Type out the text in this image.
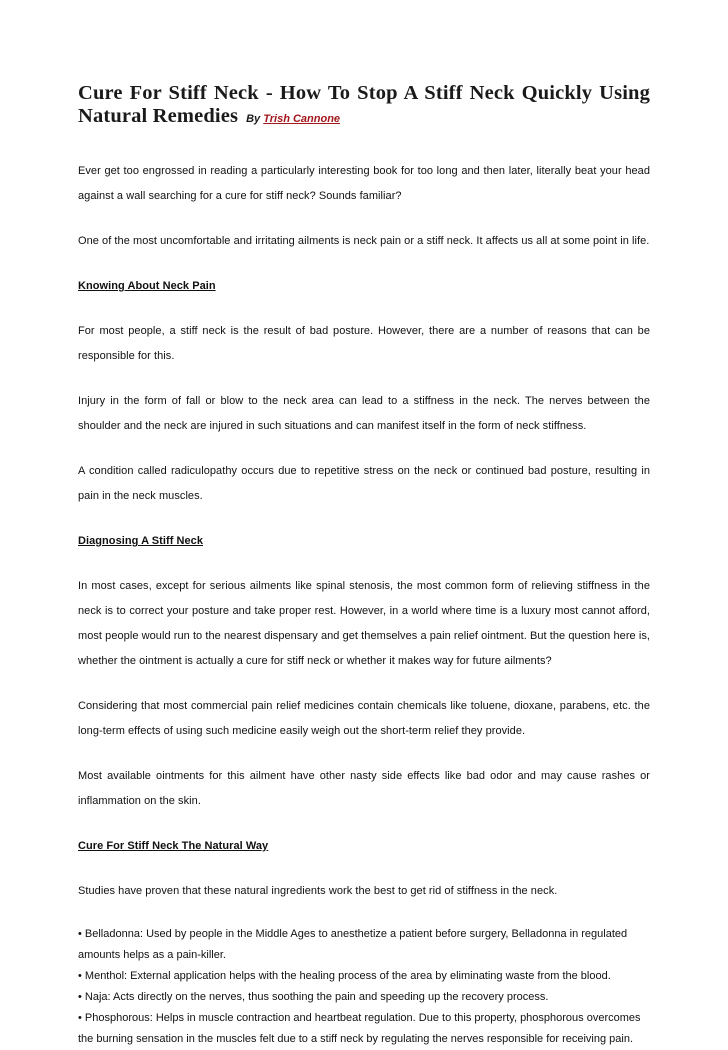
Cure For Stiff Neck - How To Stop A Stiff Neck Quickly Using Natural Remedies By Trish Cannone

Ever get too engrossed in reading a particularly interesting book for too long and then later, literally beat your head against a wall searching for a cure for stiff neck? Sounds familiar?

One of the most uncomfortable and irritating ailments is neck pain or a stiff neck. It affects us all at some point in life.

Knowing About Neck Pain

For most people, a stiff neck is the result of bad posture. However, there are a number of reasons that can be responsible for this.

Injury in the form of fall or blow to the neck area can lead to a stiffness in the neck. The nerves between the shoulder and the neck are injured in such situations and can manifest itself in the form of neck stiffness.

A condition called radiculopathy occurs due to repetitive stress on the neck or continued bad posture, resulting in pain in the neck muscles.

Diagnosing A Stiff Neck

In most cases, except for serious ailments like spinal stenosis, the most common form of relieving stiffness in the neck is to correct your posture and take proper rest. However, in a world where time is a luxury most cannot afford, most people would run to the nearest dispensary and get themselves a pain relief ointment. But the question here is, whether the ointment is actually a cure for stiff neck or whether it makes way for future ailments?

Considering that most commercial pain relief medicines contain chemicals like toluene, dioxane, parabens, etc. the long-term effects of using such medicine easily weigh out the short-term relief they provide.

Most available ointments for this ailment have other nasty side effects like bad odor and may cause rashes or inflammation on the skin.

Cure For Stiff Neck The Natural Way

Studies have proven that these natural ingredients work the best to get rid of stiffness in the neck.

• Belladonna: Used by people in the Middle Ages to anesthetize a patient before surgery, Belladonna in regulated amounts helps as a pain-killer.
• Menthol: External application helps with the healing process of the area by eliminating waste from the blood.
• Naja: Acts directly on the nerves, thus soothing the pain and speeding up the recovery process.
• Phosphorous: Helps in muscle contraction and heartbeat regulation. Due to this property, phosphorous overcomes the burning sensation in the muscles felt due to a stiff neck by regulating the nerves responsible for receiving pain.
